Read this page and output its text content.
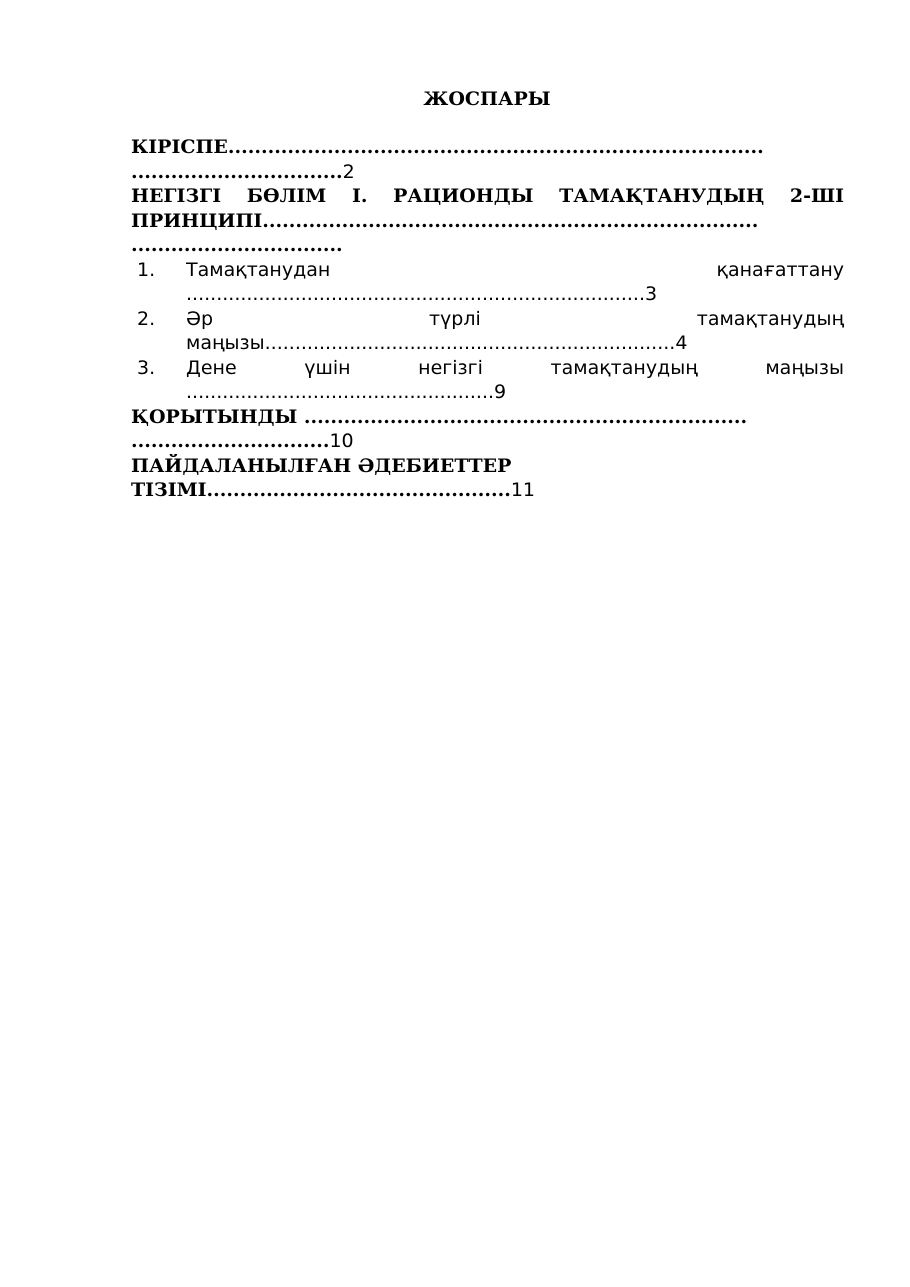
ЖОСПАРЫ
КІРІСПЕ.................................................................................
................................2
НЕГІЗГІ БӨЛІМ І. РАЦИОНДЫ ТАМАҚТАНУДЫҢ 2-ШІ
ПРИНЦИПІ...........................................................................
................................
1. Тамақтанудан қанағаттану
............................................................................3
2. Әр түрлі тамақтанудың
маңызы....................................................................4
3. Дене үшін негізгі тамақтанудың маңызы
...................................................9
ҚОРЫТЫНДЫ ...................................................................
..............................10
ПАЙДАЛАНЫЛҒАН ӘДЕБИЕТТЕР
ТІЗІМІ..............................................11
